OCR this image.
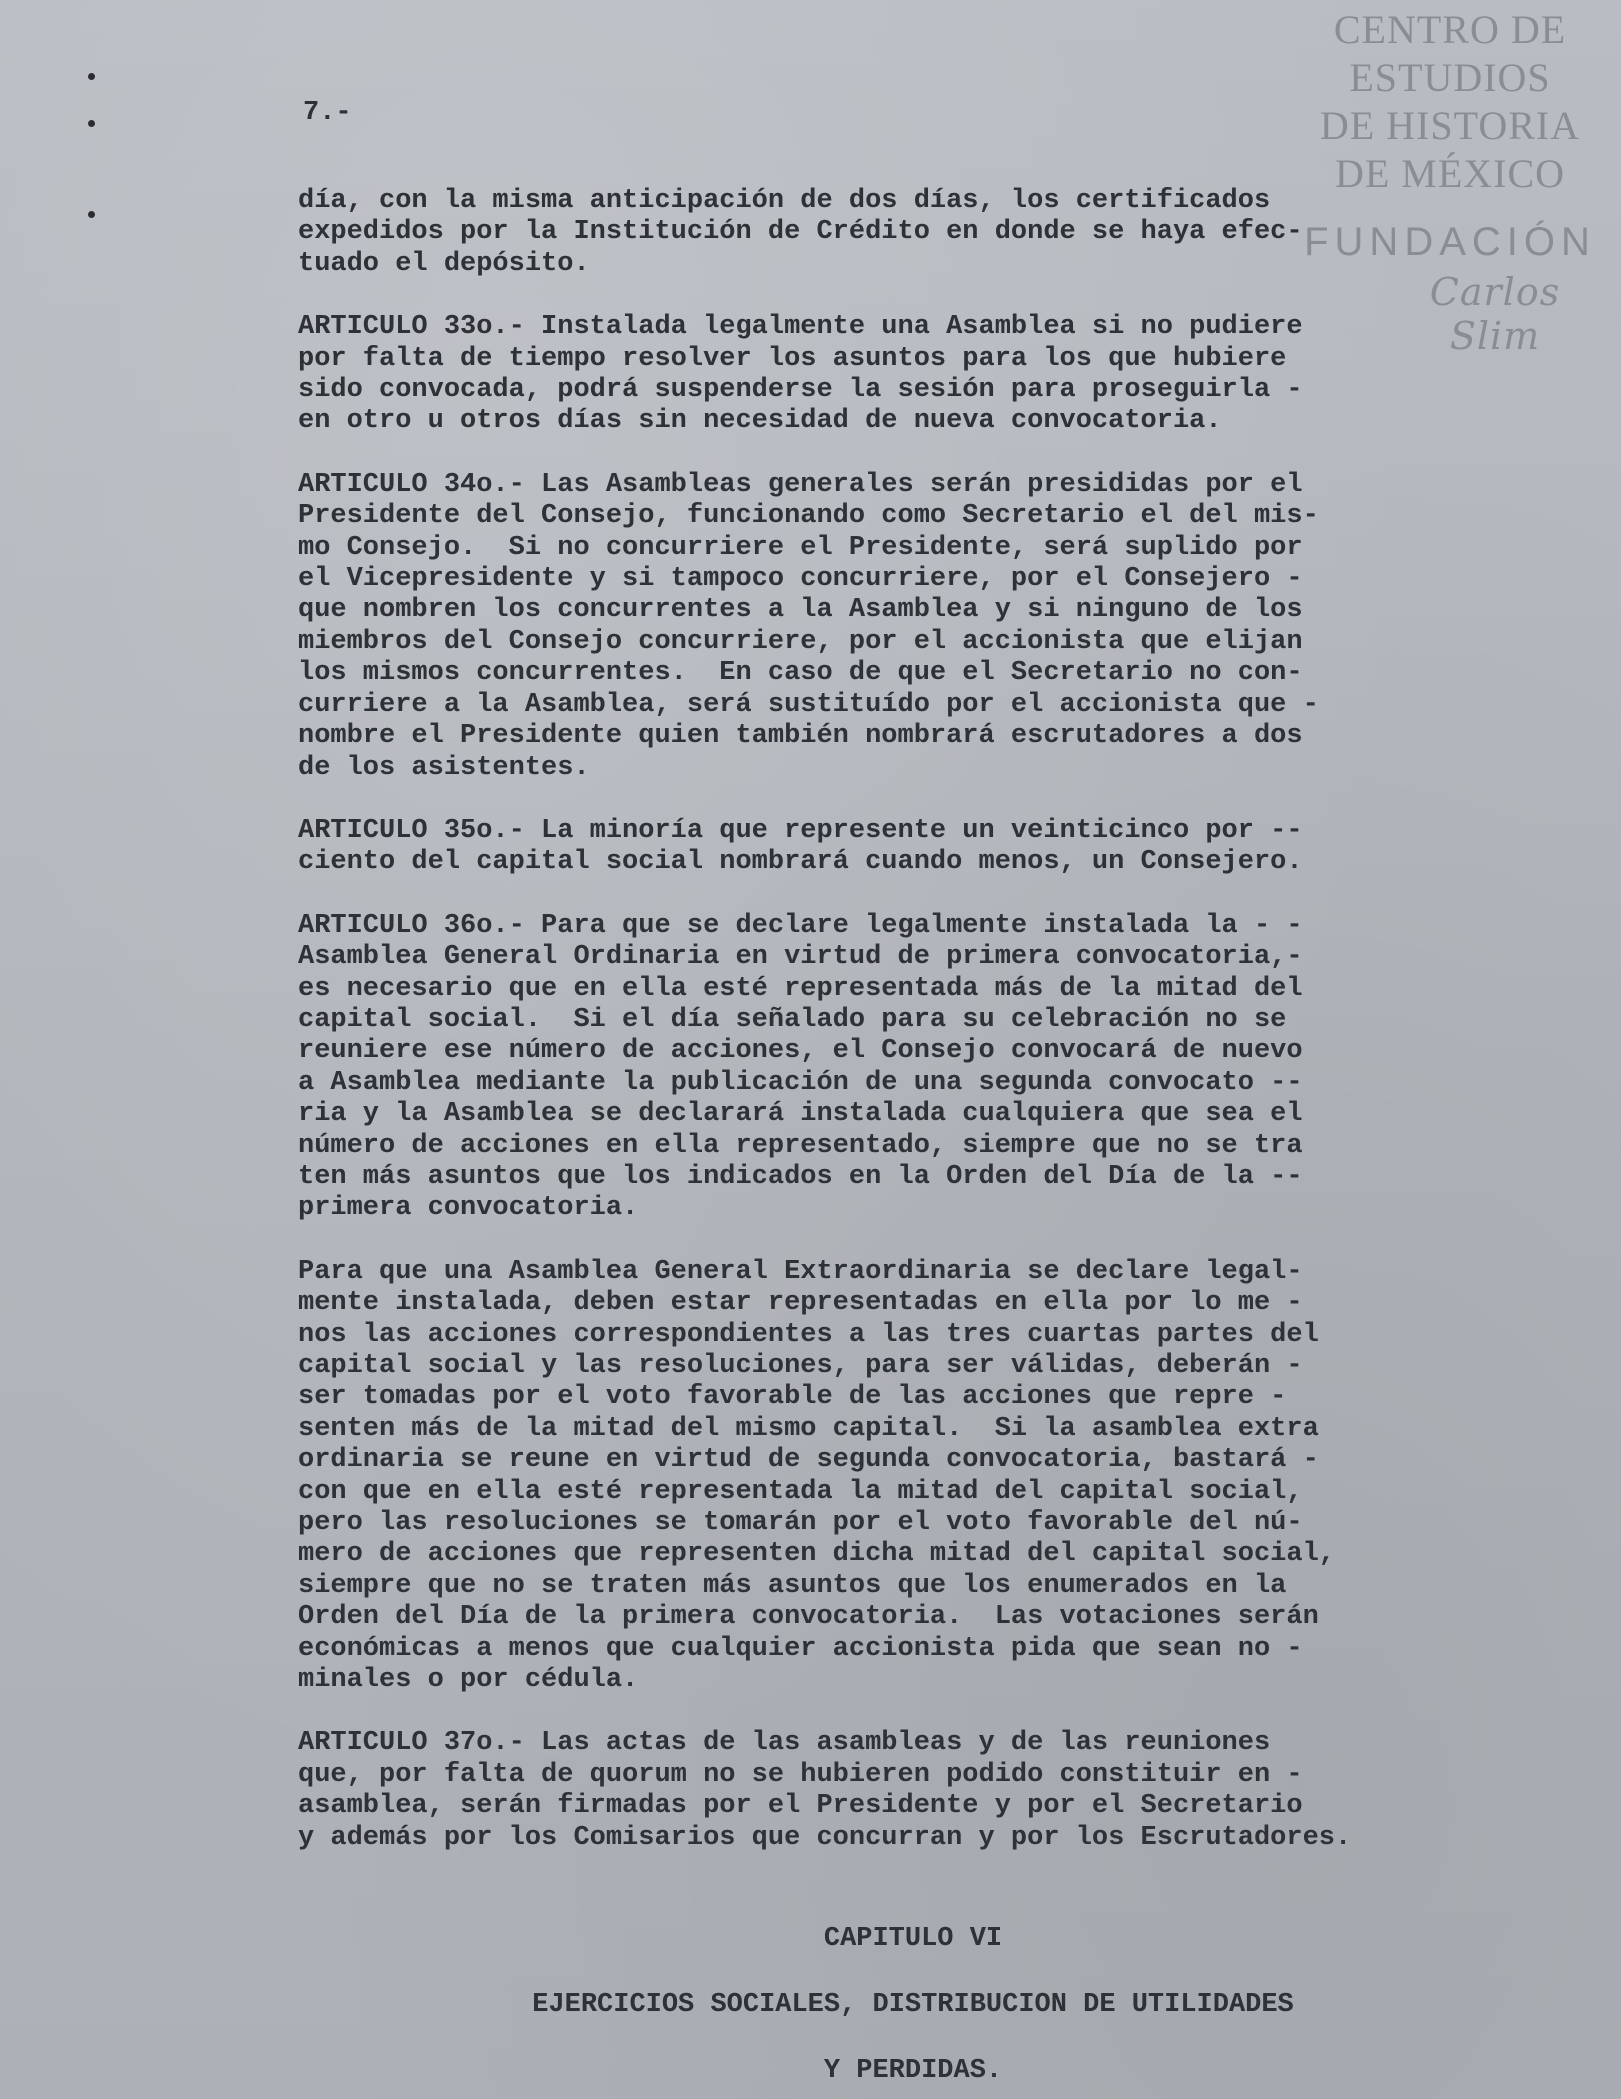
CENTRO DE
ESTUDIOS
DE HISTORIA
DE MÉXICO
FUNDACIÓN
Carlos Slim
7.-

día, con la misma anticipación de dos días, los certificados
expedidos por la Institución de Crédito en donde se haya efec-
tuado el depósito.

ARTICULO 33o.- Instalada legalmente una Asamblea si no pudiere
por falta de tiempo resolver los asuntos para los que hubiere
sido convocada, podrá suspenderse la sesión para proseguirla -
en otro u otros días sin necesidad de nueva convocatoria.

ARTICULO 34o.- Las Asambleas generales serán presididas por el
Presidente del Consejo, funcionando como Secretario el del mis-
mo Consejo.  Si no concurriere el Presidente, será suplido por
el Vicepresidente y si tampoco concurriere, por el Consejero -
que nombren los concurrentes a la Asamblea y si ninguno de los
miembros del Consejo concurriere, por el accionista que elijan
los mismos concurrentes.  En caso de que el Secretario no con-
curriere a la Asamblea, será sustituído por el accionista que -
nombre el Presidente quien también nombrará escrutadores a dos
de los asistentes.

ARTICULO 35o.- La minoría que represente un veinticinco por --
ciento del capital social nombrará cuando menos, un Consejero.

ARTICULO 36o.- Para que se declare legalmente instalada la - -
Asamblea General Ordinaria en virtud de primera convocatoria,-
es necesario que en ella esté representada más de la mitad del
capital social.  Si el día señalado para su celebración no se
reuniere ese número de acciones, el Consejo convocará de nuevo
a Asamblea mediante la publicación de una segunda convocato --
ria y la Asamblea se declarará instalada cualquiera que sea el
número de acciones en ella representado, siempre que no se tra
ten más asuntos que los indicados en la Orden del Día de la --
primera convocatoria.

Para que una Asamblea General Extraordinaria se declare legal-
mente instalada, deben estar representadas en ella por lo me -
nos las acciones correspondientes a las tres cuartas partes del
capital social y las resoluciones, para ser válidas, deberán -
ser tomadas por el voto favorable de las acciones que repre -
senten más de la mitad del mismo capital.  Si la asamblea extra
ordinaria se reune en virtud de segunda convocatoria, bastará -
con que en ella esté representada la mitad del capital social,
pero las resoluciones se tomarán por el voto favorable del nú-
mero de acciones que representen dicha mitad del capital social,
siempre que no se traten más asuntos que los enumerados en la
Orden del Día de la primera convocatoria.  Las votaciones serán
económicas a menos que cualquier accionista pida que sean no -
minales o por cédula.

ARTICULO 37o.- Las actas de las asambleas y de las reuniones
que, por falta de quorum no se hubieren podido constituir en -
asamblea, serán firmadas por el Presidente y por el Secretario
y además por los Comisarios que concurran y por los Escrutadores.

CAPITULO VI
EJERCICIOS SOCIALES, DISTRIBUCION DE UTILIDADES
Y PERDIDAS.
